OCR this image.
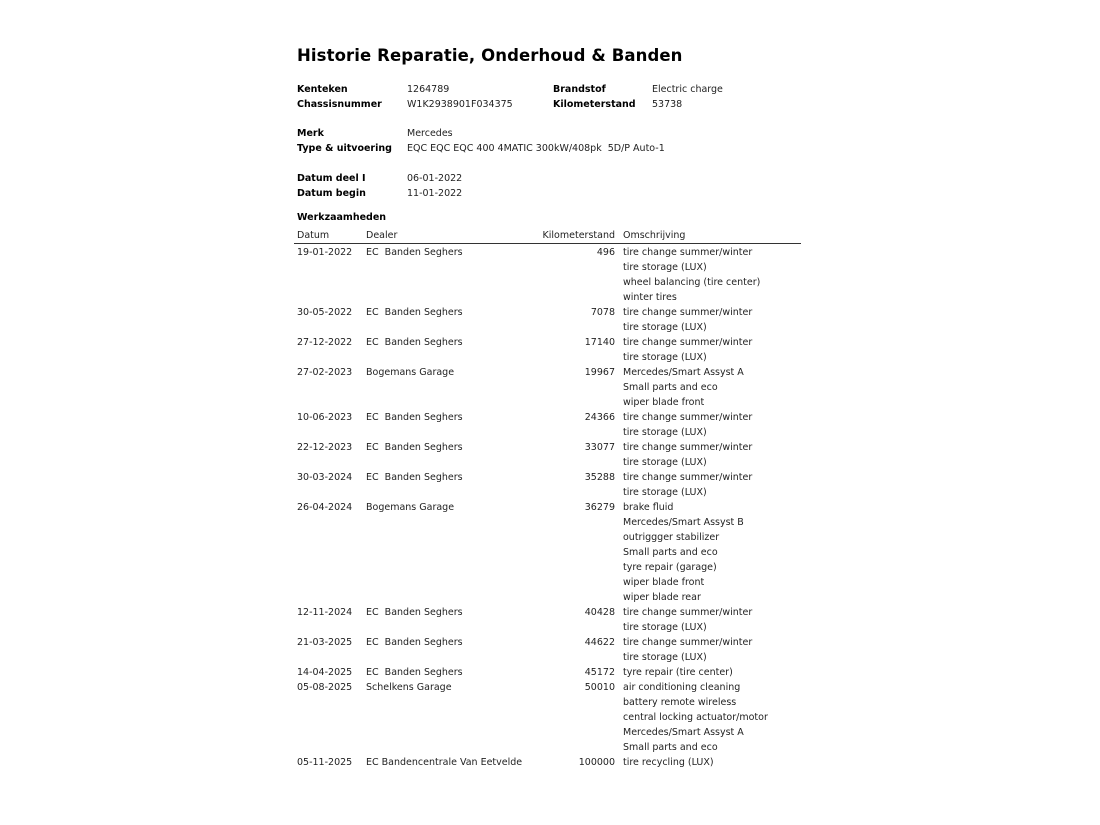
Historie Reparatie, Onderhoud & Banden
Kenteken	1264789	Brandstof	Electric charge
Chassisnummer	W1K2938901F034375	Kilometerstand 53738
Merk	Mercedes
Type & uitvoering EQC EQC EQC 400 4MATIC 300kW/408pk  5D/P Auto-1
Datum deel I	06-01-2022
Datum begin	11-01-2022
Werkzaamheden
Datum	Dealer	Kilometerstand Omschrijving
19-01-2022 EC  Banden Seghers	496 tire change summer/winter
tire storage (LUX)
wheel balancing (tire center)
winter tires
30-05-2022 EC  Banden Seghers	7078 tire change summer/winter
tire storage (LUX)
27-12-2022 EC  Banden Seghers	17140 tire change summer/winter
tire storage (LUX)
27-02-2023 Bogemans Garage	19967 Mercedes/Smart Assyst A
Small parts and eco
wiper blade front
10-06-2023 EC  Banden Seghers	24366 tire change summer/winter
tire storage (LUX)
22-12-2023 EC  Banden Seghers	33077 tire change summer/winter
tire storage (LUX)
30-03-2024 EC  Banden Seghers	35288 tire change summer/winter
tire storage (LUX)
26-04-2024 Bogemans Garage	36279 brake fluid
Mercedes/Smart Assyst B
outriggger stabilizer
Small parts and eco
tyre repair (garage)
wiper blade front
wiper blade rear
12-11-2024 EC  Banden Seghers	40428 tire change summer/winter
tire storage (LUX)
21-03-2025 EC  Banden Seghers	44622 tire change summer/winter
tire storage (LUX)
14-04-2025 EC  Banden Seghers	45172 tyre repair (tire center)
05-08-2025 Schelkens Garage	50010 air conditioning cleaning
battery remote wireless
central locking actuator/motor
Mercedes/Smart Assyst A
Small parts and eco
05-11-2025 EC Bandencentrale Van Eetvelde	100000 tire recycling (LUX)
